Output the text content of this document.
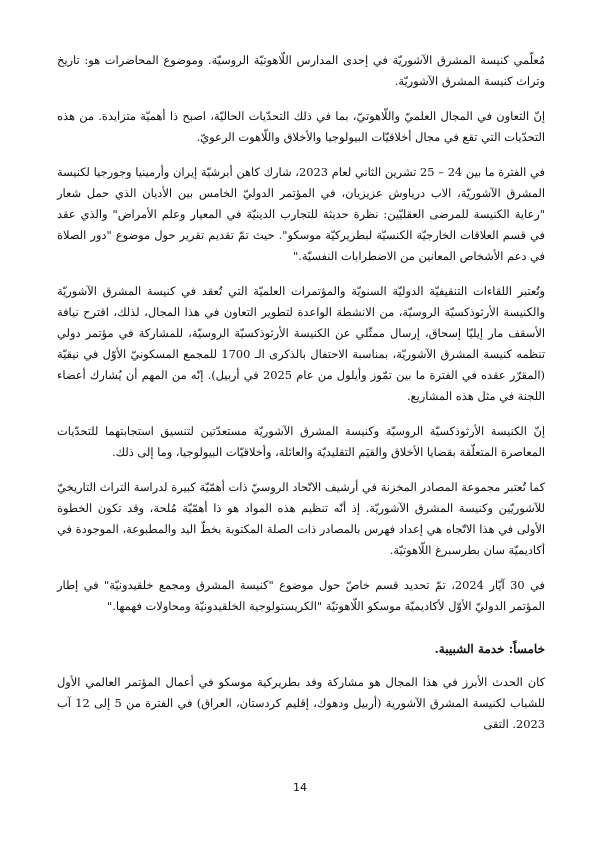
مُعلّمي كنيسة المشرق الآشوريّة في إحدى المدارس اللّاهوتيّة الروسيّة. وموضوع المحاضرات هو: تاريخ وتراث كنيسة المشرق الآشوريّة.

إنّ التعاون في المجال العلميّ واللّاهوتيّ، بما في ذلك التحدّيات الحاليّة، اصبح ذا أهميّة متزايدة. من هذه التحدّيات التي تقع في مجال أخلاقيّات البيولوجيا والأخلاق واللّاهوت الرعويّ.

في الفترة ما بين 24 – 25 تشرين الثاني لعام 2023، شارك كاهن أبرشيّة إيران وأرمينيا وجورجيا لكنيسة المشرق الآشوريّة، الاب درياوش عزيزيان، في المؤتمر الدوليّ الخامس بين الأديان الذي حمل شعار "رعاية الكنيسة للمرضى العقليّين: نظرة حديثة للتجارب الدينيّة في المعيار وعلم الأمراض" والذي عقد في قسم العلاقات الخارجيّة الكنسيّة لبطريركيّة موسكو". حيث تمّ تقديم تقرير حول موضوع "دور الصلاة في دعم الأشخاص المعانين من الاضطرابات النفسيّة."

وتُعتبر اللقاءات التنقيفيّة الدوليّة السنويّة والمؤتمرات العلميّة التي تُعقد في كنيسة المشرق الآشوريّة والكنيسة الأرثوذكسيّة الروسيّة، من الانشطة الواعدة لتطوير التعاون في هذا المجال، لذلك، اقترح نيافة الأسقف مار إيليّا إسحاق، إرسال ممثّلي عن الكنيسة الأرثوذكسيّة الروسيّة، للمشاركة في مؤتمر دولي تنظمه كنيسة المشرق الآشوريّة، بمناسبة الاحتفال بالذكرى الـ 1700 للمجمع المسكونيّ الأوّل في نيقيّة (المقرّر عقده في الفترة ما بين تمّوز وأيلول من عام 2025 في أربيل). إنّه من المهم أن يُشارك أعضاء اللجنة في مثل هذه المشاريع.

إنّ الكنيسة الأرثوذكسيّة الروسيّة وكنيسة المشرق الآشوريّة مستعدّتين لتنسيق استجابتهما للتحدّيات المعاصرة المتعلّقة بقضايا الأخلاق والقيَم التقليديّة والعائلة، وأخلاقيّات البيولوجيا، وما إلى ذلك.

كما تُعتبر مجموعة المصادر المخزنة في أرشيف الاتّحاد الروسيّ ذات أهمّيّة كبيرة لدراسة التراث التاريخيّ للآشوريّين وكنيسة المشرق الآشوريّة. إذ أنّه تنظيم هذه المواد هو ذا أهمّيّة مُلحة، وقد تكون الخطوة الأولى في هذا الاتّجاه هي إعداد فهرس بالمصادر ذات الصلة المكتوبة بخطّ اليد والمطبوعة، الموجودة في أكاديميّة سان بطرسبرغ اللّاهوتيّة.

في 30 آيّار 2024، تمّ تحديد قسم خاصّ حول موضوع "كنيسة المشرق ومجمع خلقيدونيّة" في إطار المؤتمر الدوليّ الأوّل لأكاديميّة موسكو اللّاهوتيّة "الكريستولوجية الخلقيدونيّة ومحاولات فهمها."

خامساً: خدمة الشبيبة.

كان الحدث الأبرز في هذا المجال هو مشاركة وفد بطريركية موسكو في أعمال المؤتمر العالمي الأول للشباب لكنيسة المشرق الآشورية (أربيل ودهوك، إقليم كردستان، العراق) في الفترة من 5 إلى 12 آب 2023. التقى

14
